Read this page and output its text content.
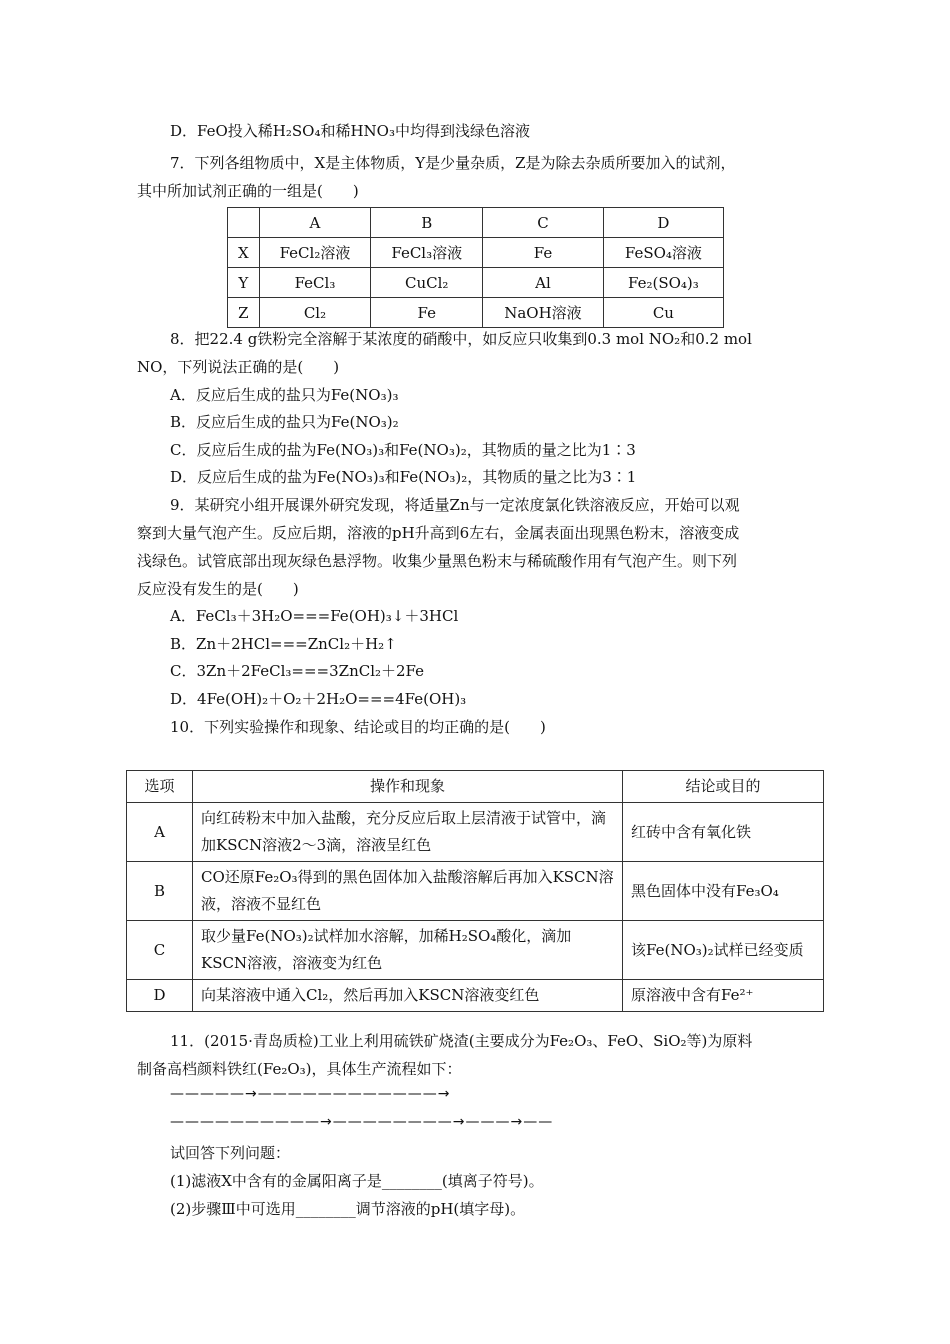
D．FeO投入稀H₂SO₄和稀HNO₃中均得到浅绿色溶液
7．下列各组物质中，X是主体物质，Y是少量杂质，Z是为除去杂质所要加入的试剂，
其中所加试剂正确的一组是(　　)
	A	B	C	D
X	FeCl₂溶液	FeCl₃溶液	Fe	FeSO₄溶液
Y	FeCl₃	CuCl₂	Al	Fe₂(SO₄)₃
Z	Cl₂	Fe	NaOH溶液	Cu
8．把22.4 g铁粉完全溶解于某浓度的硝酸中，如反应只收集到0.3 mol NO₂和0.2 mol
NO，下列说法正确的是(　　)
A．反应后生成的盐只为Fe(NO₃)₃
B．反应后生成的盐只为Fe(NO₃)₂
C．反应后生成的盐为Fe(NO₃)₃和Fe(NO₃)₂，其物质的量之比为1∶3
D．反应后生成的盐为Fe(NO₃)₃和Fe(NO₃)₂，其物质的量之比为3∶1
9．某研究小组开展课外研究发现，将适量Zn与一定浓度氯化铁溶液反应，开始可以观
察到大量气泡产生。反应后期，溶液的pH升高到6左右，金属表面出现黑色粉末，溶液变成
浅绿色。试管底部出现灰绿色悬浮物。收集少量黑色粉末与稀硫酸作用有气泡产生。则下列
反应没有发生的是(　　)
A．FeCl₃＋3H₂O===Fe(OH)₃↓＋3HCl
B．Zn＋2HCl===ZnCl₂＋H₂↑
C．3Zn＋2FeCl₃===3ZnCl₂＋2Fe
D．4Fe(OH)₂＋O₂＋2H₂O===4Fe(OH)₃
10．下列实验操作和现象、结论或目的均正确的是(　　)
选项	操作和现象	结论或目的
A	向红砖粉末中加入盐酸，充分反应后取上层清液于试管中，滴加KSCN溶液2～3滴，溶液呈红色	红砖中含有氧化铁
B	CO还原Fe₂O₃得到的黑色固体加入盐酸溶解后再加入KSCN溶液，溶液不显红色	黑色固体中没有Fe₃O₄
C	取少量Fe(NO₃)₂试样加水溶解，加稀H₂SO₄酸化，滴加KSCN溶液，溶液变为红色	该Fe(NO₃)₂试样已经变质
D	向某溶液中通入Cl₂，然后再加入KSCN溶液变红色	原溶液中含有Fe²⁺
11．(2015·青岛质检)工业上利用硫铁矿烧渣(主要成分为Fe₂O₃、FeO、SiO₂等)为原料
制备高档颜料铁红(Fe₂O₃)，具体生产流程如下：
—————→————————————→
——————————→————————→———→——
试回答下列问题：
(1)滤液X中含有的金属阳离子是________(填离子符号)。
(2)步骤Ⅲ中可选用________调节溶液的pH(填字母)。
